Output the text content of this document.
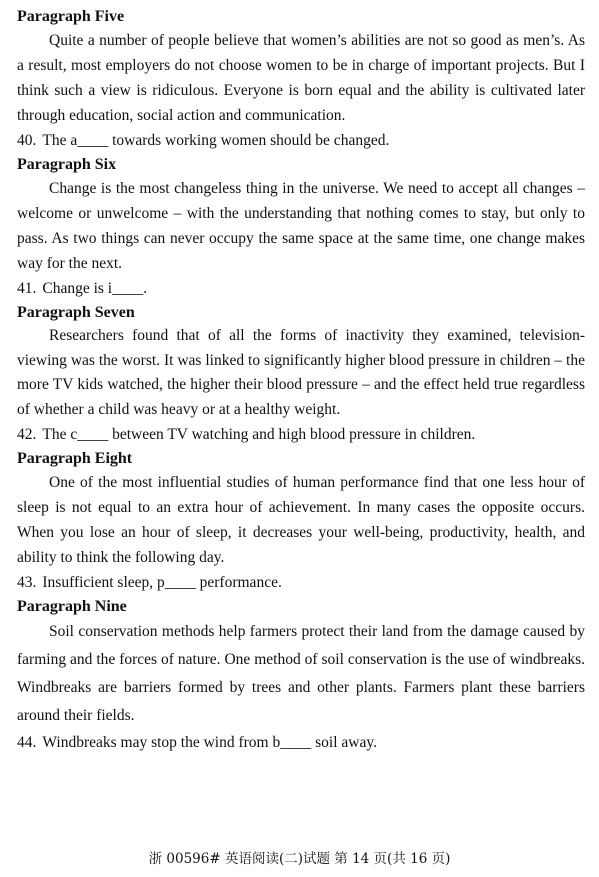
Paragraph Five

Quite a number of people believe that women’s abilities are not so good as men’s. As a result, most employers do not choose women to be in charge of important projects. But I think such a view is ridiculous. Everyone is born equal and the ability is cultivated later through education, social action and communication.

40. The a____ towards working women should be changed.

Paragraph Six

Change is the most changeless thing in the universe. We need to accept all changes – welcome or unwelcome – with the understanding that nothing comes to stay, but only to pass. As two things can never occupy the same space at the same time, one change makes way for the next.

41. Change is i____.

Paragraph Seven

Researchers found that of all the forms of inactivity they examined, television-viewing was the worst. It was linked to significantly higher blood pressure in children – the more TV kids watched, the higher their blood pressure – and the effect held true regardless of whether a child was heavy or at a healthy weight.

42. The c____ between TV watching and high blood pressure in children.

Paragraph Eight

One of the most influential studies of human performance find that one less hour of sleep is not equal to an extra hour of achievement. In many cases the opposite occurs. When you lose an hour of sleep, it decreases your well-being, productivity, health, and ability to think the following day.

43. Insufficient sleep, p____ performance.

Paragraph Nine

Soil conservation methods help farmers protect their land from the damage caused by farming and the forces of nature. One method of soil conservation is the use of windbreaks. Windbreaks are barriers formed by trees and other plants. Farmers plant these barriers around their fields.

44. Windbreaks may stop the wind from b____ soil away.

浙 00596# 英语阅读(二)试题 第 14 页(共 16 页)
